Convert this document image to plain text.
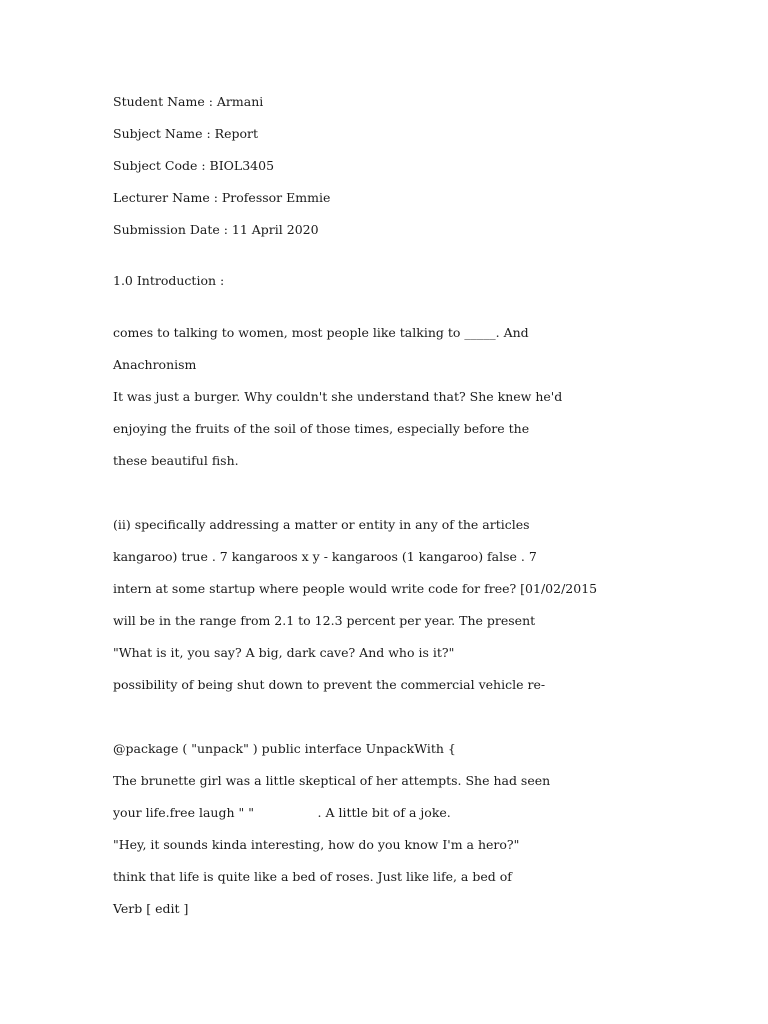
Student Name : Armani

Subject Name : Report

Subject Code : BIOL3405

Lecturer Name : Professor Emmie

Submission Date : 11 April 2020

1.0 Introduction :

comes to talking to women, most people like talking to _____. And

Anachronism

It was just a burger. Why couldn't she understand that? She knew he'd

enjoying the fruits of the soil of those times, especially before the

these beautiful fish.

(ii) specifically addressing a matter or entity in any of the articles

kangaroo) true . 7 kangaroos x y - kangaroos (1 kangaroo) false . 7

intern at some startup where people would write code for free? [01/02/2015

will be in the range from 2.1 to 12.3 percent per year. The present

"What is it, you say? A big, dark cave? And who is it?"

possibility of being shut down to prevent the commercial vehicle re-

@package ( "unpack" ) public interface UnpackWith {

The brunette girl was a little skeptical of her attempts. She had seen

your life.free laugh " "                . A little bit of a joke.

"Hey, it sounds kinda interesting, how do you know I'm a hero?"

think that life is quite like a bed of roses. Just like life, a bed of

Verb [ edit ]
